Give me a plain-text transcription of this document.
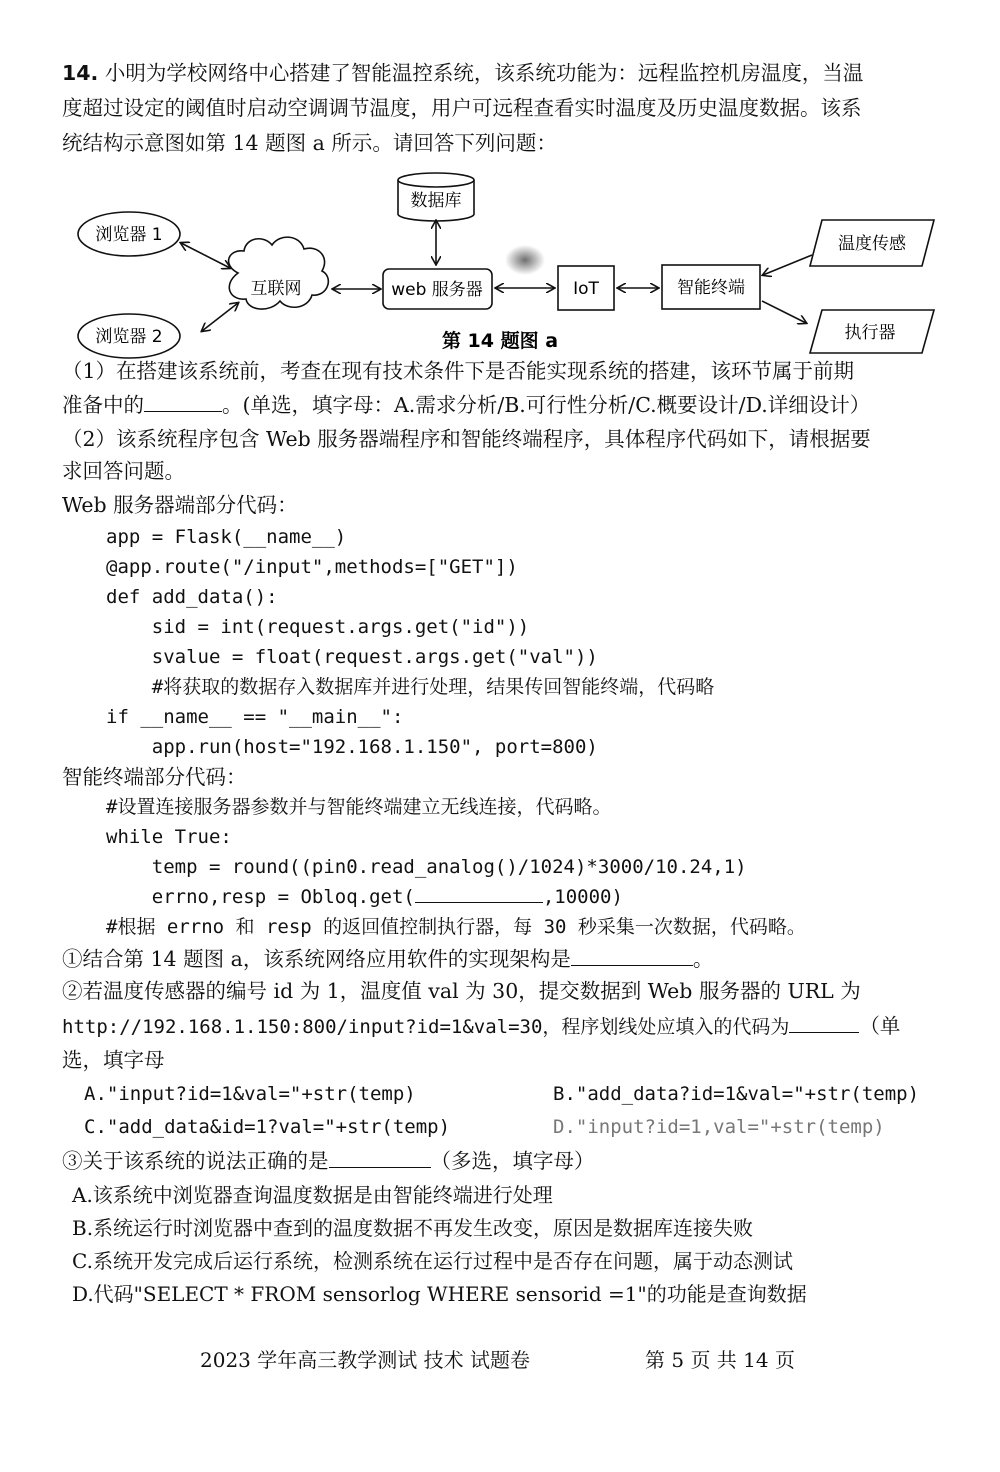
14. 小明为学校网络中心搭建了智能温控系统，该系统功能为：远程监控机房温度，当温
度超过设定的阈值时启动空调调节温度，用户可远程查看实时温度及历史温度数据。该系
统结构示意图如第 14 题图 a 所示。请回答下列问题：
浏览器 1
浏览器 2
互联网
数据库
web 服务器	IoT	智能终端
温度传感
执行器
第 14 题图 a
（1）在搭建该系统前，考查在现有技术条件下是否能实现系统的搭建，该环节属于前期
准备中的	。(单选，填字母：A.需求分析/B.可行性分析/C.概要设计/D.详细设计）
（2）该系统程序包含 Web 服务器端程序和智能终端程序，具体程序代码如下，请根据要
求回答问题。
Web 服务器端部分代码：
app = Flask(__name__)
@app.route("/input",methods=["GET"])
def add_data():
sid = int(request.args.get("id"))
svalue = float(request.args.get("val"))
#将获取的数据存入数据库并进行处理，结果传回智能终端，代码略
if __name__ == "__main__":
app.run(host="192.168.1.150", port=800)
智能终端部分代码：
#设置连接服务器参数并与智能终端建立无线连接，代码略。
while True:
temp = round((pin0.read_analog()/1024)*3000/10.24,1)
errno,resp = Obloq.get(	,10000)
#根据 errno 和 resp 的返回值控制执行器，每 30 秒采集一次数据，代码略。
①结合第 14 题图 a，该系统网络应用软件的实现架构是	。
②若温度传感器的编号 id 为 1，温度值 val 为 30，提交数据到 Web 服务器的 URL 为
http://192.168.1.150:800/input?id=1&val=30，程序划线处应填入的代码为	（单
选，填字母
A."input?id=1&val="+str(temp)	B."add_data?id=1&val="+str(temp)
C."add_data&id=1?val="+str(temp)	D."input?id=1,val="+str(temp)
③关于该系统的说法正确的是	（多选，填字母）
A.该系统中浏览器查询温度数据是由智能终端进行处理
B.系统运行时浏览器中查到的温度数据不再发生改变，原因是数据库连接失败
C.系统开发完成后运行系统，检测系统在运行过程中是否存在问题，属于动态测试
D.代码"SELECT * FROM sensorlog WHERE sensorid =1"的功能是查询数据
2023 学年高三教学测试 技术 试题卷	第 5 页 共 14 页
